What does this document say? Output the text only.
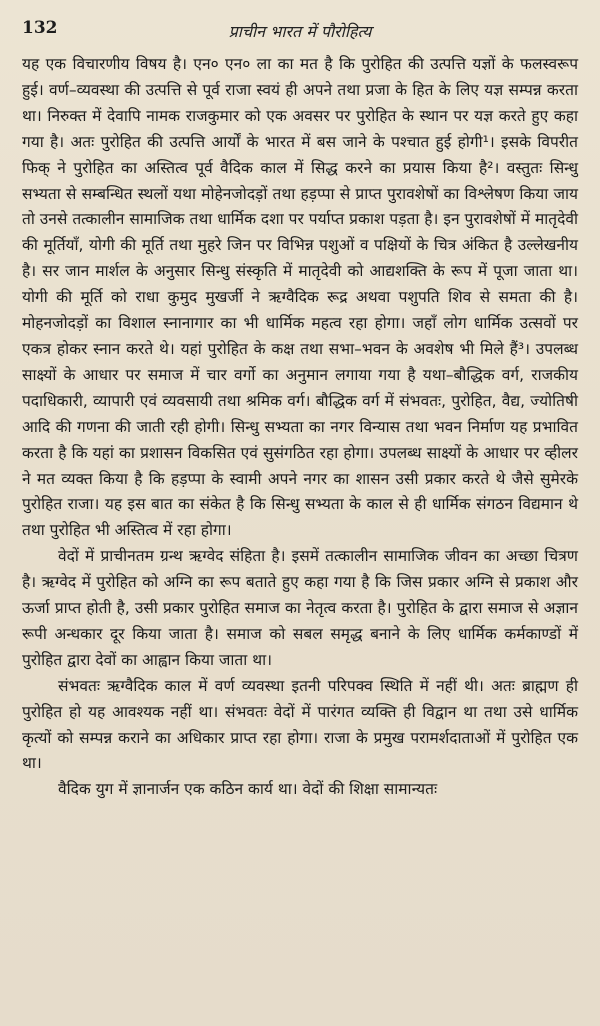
132	प्राचीन भारत में पौरोहित्य

यह एक विचारणीय विषय है। एन० एन० ला का मत है कि पुरोहित की उत्पत्ति यज्ञों के फलस्वरूप हुई। वर्ण–व्यवस्था की उत्पत्ति से पूर्व राजा स्वयं ही अपने तथा प्रजा के हित के लिए यज्ञ सम्पन्न करता था। निरुक्त में देवापि नामक राजकुमार को एक अवसर पर पुरोहित के स्थान पर यज्ञ करते हुए कहा गया है। अतः पुरोहित की उत्पत्ति आर्यों के भारत में बस जाने के पश्चात हुई होगी¹। इसके विपरीत फिक् ने पुरोहित का अस्तित्व पूर्व वैदिक काल में सिद्ध करने का प्रयास किया है²। वस्तुतः सिन्धु सभ्यता से सम्बन्धित स्थलों यथा मोहेनजोदड़ों तथा हड़प्पा से प्राप्त पुरावशेषों का विश्लेषण किया जाय तो उनसे तत्कालीन सामाजिक तथा धार्मिक दशा पर पर्याप्त प्रकाश पड़ता है। इन पुरावशेषों में मातृदेवी की मूर्तियाँ, योगी की मूर्ति तथा मुहरे जिन पर विभिन्न पशुओं व पक्षियों के चित्र अंकित है उल्लेखनीय है। सर जान मार्शल के अनुसार सिन्धु संस्कृति में मातृदेवी को आद्यशक्ति के रूप में पूजा जाता था। योगी की मूर्ति को राधा कुमुद मुखर्जी ने ऋग्वैदिक रूद्र अथवा पशुपति शिव से समता की है। मोहनजोदड़ों का विशाल स्नानागार का भी धार्मिक महत्व रहा होगा। जहाँ लोग धार्मिक उत्सवों पर एकत्र होकर स्नान करते थे। यहां पुरोहित के कक्ष तथा सभा–भवन के अवशेष भी मिले हैं³। उपलब्ध साक्ष्यों के आधार पर समाज में चार वर्गो का अनुमान लगाया गया है यथा–बौद्धिक वर्ग, राजकीय पदाधिकारी, व्यापारी एवं व्यवसायी तथा श्रमिक वर्ग। बौद्धिक वर्ग में संभवतः, पुरोहित, वैद्य, ज्योतिषी आदि की गणना की जाती रही होगी। सिन्धु सभ्यता का नगर विन्यास तथा भवन निर्माण यह प्रभावित करता है कि यहां का प्रशासन विकसित एवं सुसंगठित रहा होगा। उपलब्ध साक्ष्यों के आधार पर व्हीलर ने मत व्यक्त किया है कि हड़प्पा के स्वामी अपने नगर का शासन उसी प्रकार करते थे जैसे सुमेरके पुरोहित राजा। यह इस बात का संकेत है कि सिन्धु सभ्यता के काल से ही धार्मिक संगठन विद्यमान थे तथा पुरोहित भी अस्तित्व में रहा होगा।

वेदों में प्राचीनतम ग्रन्थ ऋग्वेद संहिता है। इसमें तत्कालीन सामाजिक जीवन का अच्छा चित्रण है। ऋग्वेद में पुरोहित को अग्नि का रूप बताते हुए कहा गया है कि जिस प्रकार अग्नि से प्रकाश और ऊर्जा प्राप्त होती है, उसी प्रकार पुरोहित समाज का नेतृत्व करता है। पुरोहित के द्वारा समाज से अज्ञान रूपी अन्धकार दूर किया जाता है। समाज को सबल समृद्ध बनाने के लिए धार्मिक कर्मकाण्डों में पुरोहित द्वारा देवों का आह्वान किया जाता था।

संभवतः ऋग्वैदिक काल में वर्ण व्यवस्था इतनी परिपक्व स्थिति में नहीं थी। अतः ब्राह्मण ही पुरोहित हो यह आवश्यक नहीं था। संभवतः वेदों में पारंगत व्यक्ति ही विद्वान था तथा उसे धार्मिक कृत्यों को सम्पन्न कराने का अधिकार प्राप्त रहा होगा। राजा के प्रमुख परामर्शदाताओं में पुरोहित एक था।

वैदिक युग में ज्ञानार्जन एक कठिन कार्य था। वेदों की शिक्षा सामान्यतः
